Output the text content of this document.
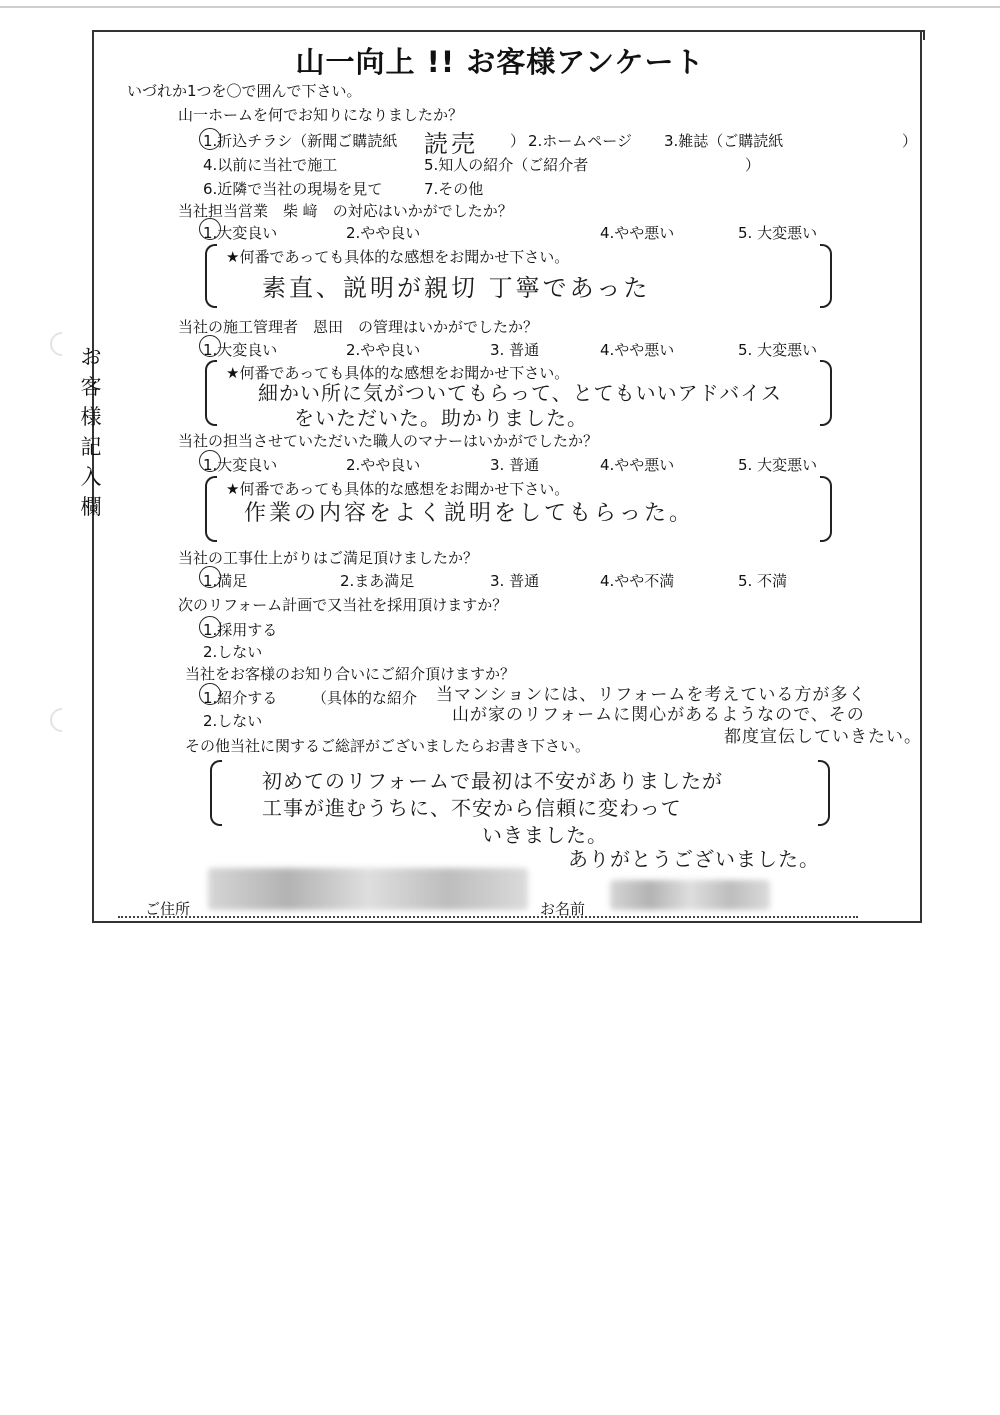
お客様記入欄
山一向上 !! お客様アンケート
いづれか1つを〇で囲んで下さい。
山一ホームを何でお知りになりましたか？
1.折込チラシ（新聞ご購読紙 読売 ） 2.ホームページ 3.雑誌（ご購読紙	）
4.以前に当社で施工	5.知人の紹介（ご紹介者	）
6.近隣で当社の現場を見て	7.その他
当社担当営業　柴 﨑　の対応はいかがでしたか？
1.大変良い	2.やや良い	4.やや悪い	5. 大変悪い
★何番であっても具体的な感想をお聞かせ下さい。
素直、説明が親切 丁寧であった
当社の施工管理者　恩田　の管理はいかがでしたか？
1.大変良い	2.やや良い	3. 普通	4.やや悪い	5. 大変悪い
★何番であっても具体的な感想をお聞かせ下さい。
細かい所に気がついてもらって、とてもいいアドバイス
をいただいた。助かりました。
当社の担当させていただいた職人のマナーはいかがでしたか？
1.大変良い	2.やや良い	3. 普通	4.やや悪い	5. 大変悪い
★何番であっても具体的な感想をお聞かせ下さい。
作業の内容をよく説明をしてもらった。
当社の工事仕上がりはご満足頂けましたか？
1.満足	2.まあ満足	3. 普通	4.やや不満	5. 不満
次のリフォーム計画で又当社を採用頂けますか？
1.採用する
2.しない
当社をお客様のお知り合いにご紹介頂けますか？
1.紹介する （具体的な紹介
2.しない
当マンションには、リフォームを考えている方が多く
山が家のリフォームに関心があるようなので、その
都度宣伝していきたい。
その他当社に関するご総評がございましたらお書き下さい。
初めてのリフォームで最初は不安がありましたが
工事が進むうちに、不安から信頼に変わって
いきました。
ありがとうございました。
ご住所	お名前
